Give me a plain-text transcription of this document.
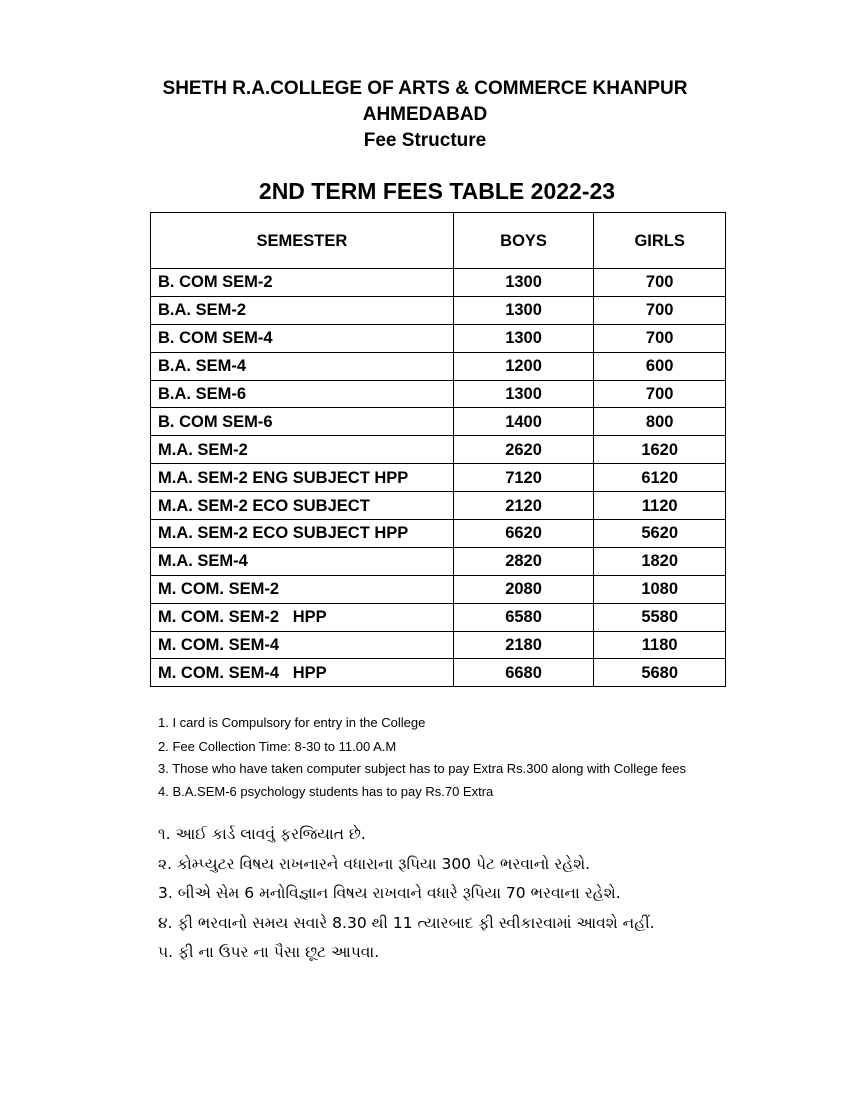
SHETH R.A.COLLEGE OF ARTS & COMMERCE KHANPUR
AHMEDABAD
Fee Structure
2ND TERM FEES TABLE 2022-23
SEMESTER	BOYS	GIRLS
B. COM SEM-2	1300	700
B.A. SEM-2	1300	700
B. COM SEM-4	1300	700
B.A. SEM-4	1200	600
B.A. SEM-6	1300	700
B. COM SEM-6	1400	800
M.A. SEM-2	2620	1620
M.A. SEM-2 ENG SUBJECT HPP	7120	6120
M.A. SEM-2 ECO SUBJECT	2120	1120
M.A. SEM-2 ECO SUBJECT HPP	6620	5620
M.A. SEM-4	2820	1820
M. COM. SEM-2	2080	1080
M. COM. SEM-2   HPP	6580	5580
M. COM. SEM-4	2180	1180
M. COM. SEM-4   HPP	6680	5680
1. I card is Compulsory for entry in the College
2. Fee Collection Time: 8-30 to 11.00 A.M
3. Those who have taken computer subject has to pay Extra Rs.300 along with College fees
4. B.A.SEM-6 psychology students has to pay Rs.70 Extra
૧. આઈ કાર્ડ લાવવું ફરજિયાત છે.
૨. કોમ્પ્યુટર વિષય રાખનારને વધારાના રૂપિયા 300 પેટ ભરવાનો રહેશે.
3. બીએ સેમ 6 મનોવિજ્ઞાન વિષય રાખવાને વધારે રૂપિયા 70 ભરવાના રહેશે.
૪. ફી ભરવાનો સમય સવારે 8.30 થી 11 ત્યારબાદ ફી સ્વીકારવામાં આવશે નહીં.
૫. ફી ના ઉપર ના પૈસા છૂટ આપવા.
